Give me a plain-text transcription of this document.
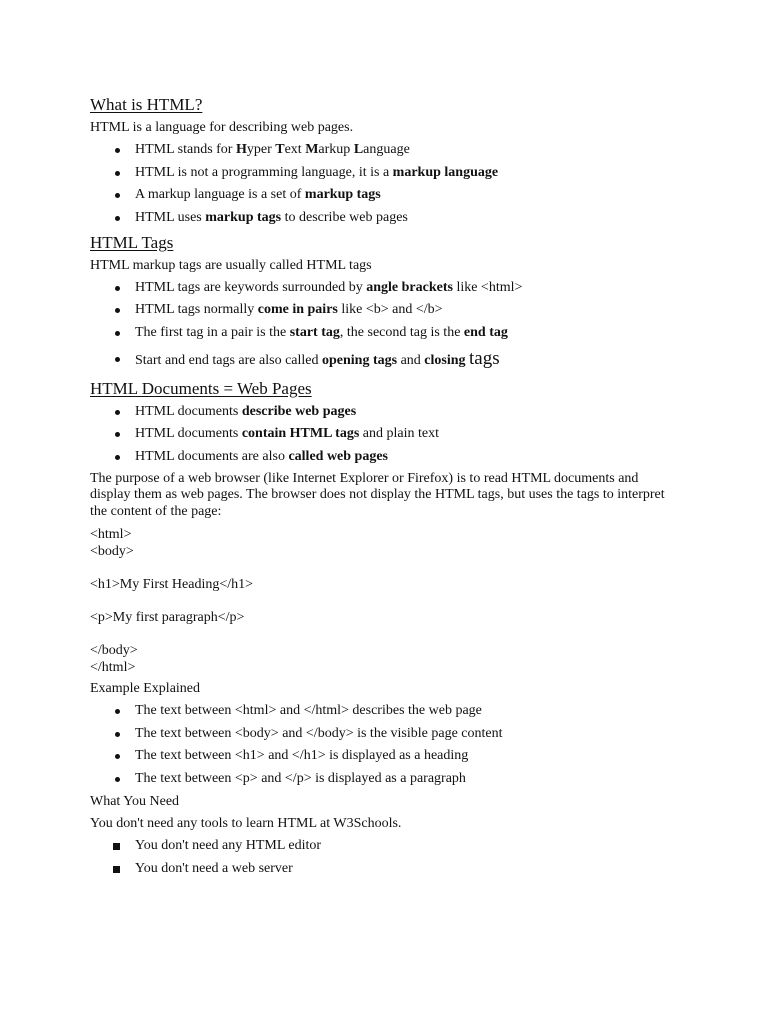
What is HTML?

HTML is a language for describing web pages.

HTML stands for Hyper Text Markup Language
HTML is not a programming language, it is a markup language
A markup language is a set of markup tags
HTML uses markup tags to describe web pages
HTML Tags

HTML markup tags are usually called HTML tags

HTML tags are keywords surrounded by angle brackets like <html>
HTML tags normally come in pairs like <b> and </b>
The first tag in a pair is the start tag, the second tag is the end tag
Start and end tags are also called opening tags and closing tags
HTML Documents = Web Pages
HTML documents describe web pages
HTML documents contain HTML tags and plain text
HTML documents are also called web pages

The purpose of a web browser (like Internet Explorer or Firefox) is to read HTML documents and display them as web pages. The browser does not display the HTML tags, but uses the tags to interpret the content of the page:

<html>

<body>

<h1>My First Heading</h1>

<p>My first paragraph</p>

</body>

</html>

Example Explained

The text between <html> and </html> describes the web page
The text between <body> and </body> is the visible page content
The text between <h1> and </h1> is displayed as a heading
The text between <p> and </p> is displayed as a paragraph

What You Need

You don't need any tools to learn HTML at W3Schools.

You don't need any HTML editor
You don't need a web server
